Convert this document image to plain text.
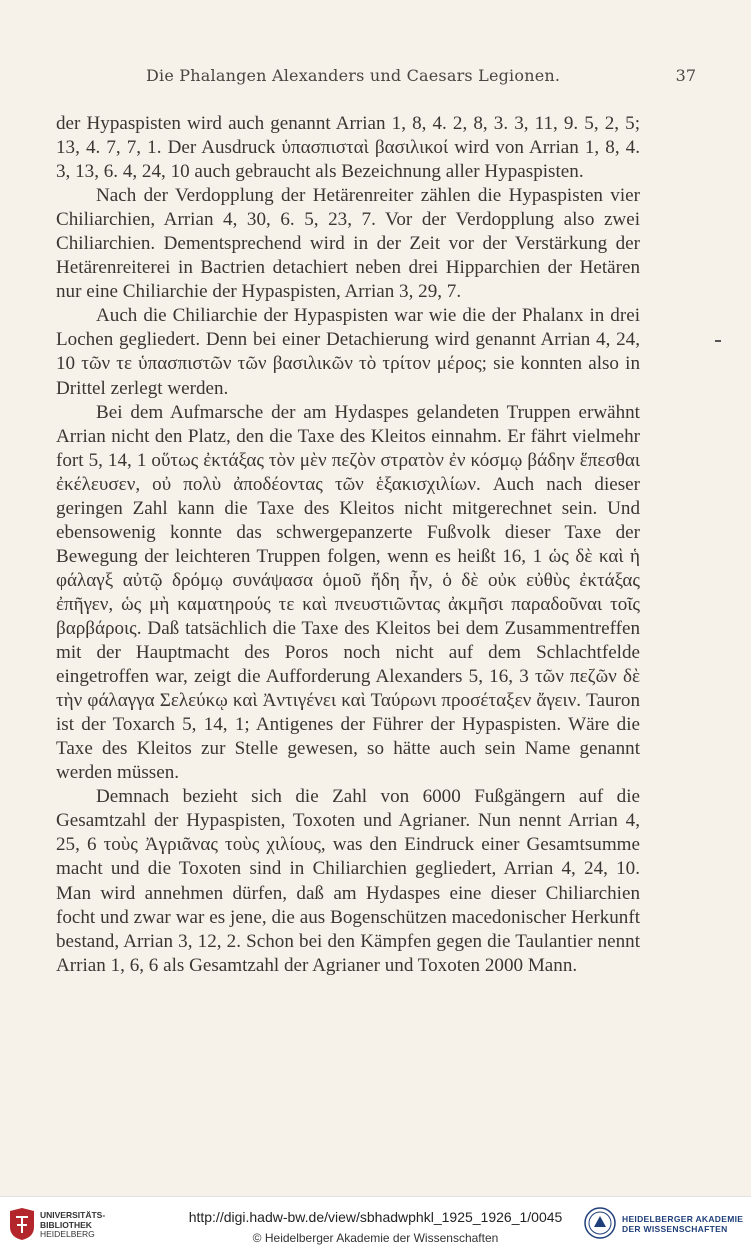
Die Phalangen Alexanders und Caesars Legionen.	37

der Hypaspisten wird auch genannt Arrian 1, 8, 4. 2, 8, 3. 3, 11, 9. 5, 2, 5; 13, 4. 7, 7, 1. Der Ausdruck ὑπασπισταὶ βασιλικοί wird von Arrian 1, 8, 4. 3, 13, 6. 4, 24, 10 auch gebraucht als Bezeichnung aller Hypaspisten.

Nach der Verdopplung der Hetärenreiter zählen die Hypaspisten vier Chiliarchien, Arrian 4, 30, 6. 5, 23, 7. Vor der Verdopplung also zwei Chiliarchien. Dementsprechend wird in der Zeit vor der Verstärkung der Hetärenreiterei in Bactrien detachiert neben drei Hipparchien der Hetären nur eine Chiliarchie der Hypaspisten, Arrian 3, 29, 7.

Auch die Chiliarchie der Hypaspisten war wie die der Phalanx in drei Lochen gegliedert. Denn bei einer Detachierung wird genannt Arrian 4, 24, 10 τῶν τε ὑπασπιστῶν τῶν βασιλικῶν τὸ τρίτον μέρος; sie konnten also in Drittel zerlegt werden.

Bei dem Aufmarsche der am Hydaspes gelandeten Truppen erwähnt Arrian nicht den Platz, den die Taxe des Kleitos einnahm. Er fährt vielmehr fort 5, 14, 1 οὕτως ἐκτάξας τὸν μὲν πεζὸν στρατὸν ἐν κόσμῳ βάδην ἕπεσθαι ἐκέλευσεν, οὐ πολὺ ἀποδέοντας τῶν ἑξακισχιλίων. Auch nach dieser geringen Zahl kann die Taxe des Kleitos nicht mitgerechnet sein. Und ebensowenig konnte das schwergepanzerte Fußvolk dieser Taxe der Bewegung der leichteren Truppen folgen, wenn es heißt 16, 1 ὡς δὲ καὶ ἡ φάλαγξ αὐτῷ δρόμῳ συνάψασα ὁμοῦ ἤδη ἦν, ὁ δὲ οὐκ εὐθὺς ἐκτάξας ἐπῆγεν, ὡς μὴ καματηρούς τε καὶ πνευστιῶντας ἀκμῆσι παραδοῦναι τοῖς βαρβάροις. Daß tatsächlich die Taxe des Kleitos bei dem Zusammentreffen mit der Hauptmacht des Poros noch nicht auf dem Schlachtfelde eingetroffen war, zeigt die Aufforderung Alexanders 5, 16, 3 τῶν πεζῶν δὲ τὴν φάλαγγα Σελεύκῳ καὶ Ἀντιγένει καὶ Ταύρωνι προσέταξεν ἄγειν. Tauron ist der Toxarch 5, 14, 1; Antigenes der Führer der Hypaspisten. Wäre die Taxe des Kleitos zur Stelle gewesen, so hätte auch sein Name genannt werden müssen.

Demnach bezieht sich die Zahl von 6000 Fußgängern auf die Gesamtzahl der Hypaspisten, Toxoten und Agrianer. Nun nennt Arrian 4, 25, 6 τοὺς Ἀγριᾶνας τοὺς χιλίους, was den Eindruck einer Gesamtsumme macht und die Toxoten sind in Chiliarchien gegliedert, Arrian 4, 24, 10. Man wird annehmen dürfen, daß am Hydaspes eine dieser Chiliarchien focht und zwar war es jene, die aus Bogenschützen macedonischer Herkunft bestand, Arrian 3, 12, 2. Schon bei den Kämpfen gegen die Taulantier nennt Arrian 1, 6, 6 als Gesamtzahl der Agrianer und Toxoten 2000 Mann.

UNIVERSITÄTS-
BIBLIOTHEK
HEIDELBERG
http://digi.hadw-bw.de/view/sbhadwphkl_1925_1926_1/0045
© Heidelberger Akademie der Wissenschaften
HEIDELBERGER AKADEMIE
DER WISSENSCHAFTEN
